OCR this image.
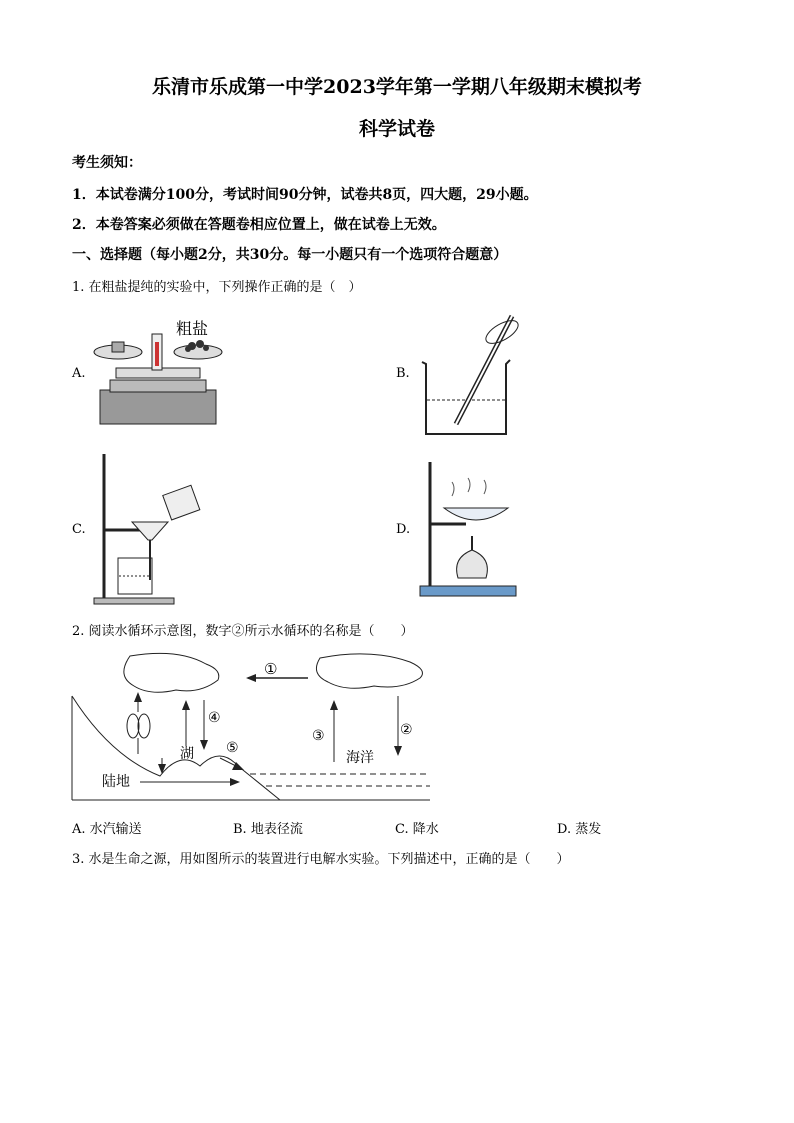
乐清市乐成第一中学2023学年第一学期八年级期末模拟考
科学试卷
考生须知：
1．本试卷满分100分，考试时间90分钟，试卷共8页，四大题，29小题。
2．本卷答案必须做在答题卷相应位置上，做在试卷上无效。
一、选择题（每小题2分，共30分。每一小题只有一个选项符合题意）
1. 在粗盐提纯的实验中，下列操作正确的是（　）
A.	B.
C.	D.
粗盐
2. 阅读水循环示意图，数字②所示水循环的名称是（　　）
①
④
湖 ⑤
陆地
③
海洋
②
A. 水汽输送	B. 地表径流	C. 降水	D. 蒸发
3. 水是生命之源，用如图所示的装置进行电解水实验。下列描述中，正确的是（　　）
